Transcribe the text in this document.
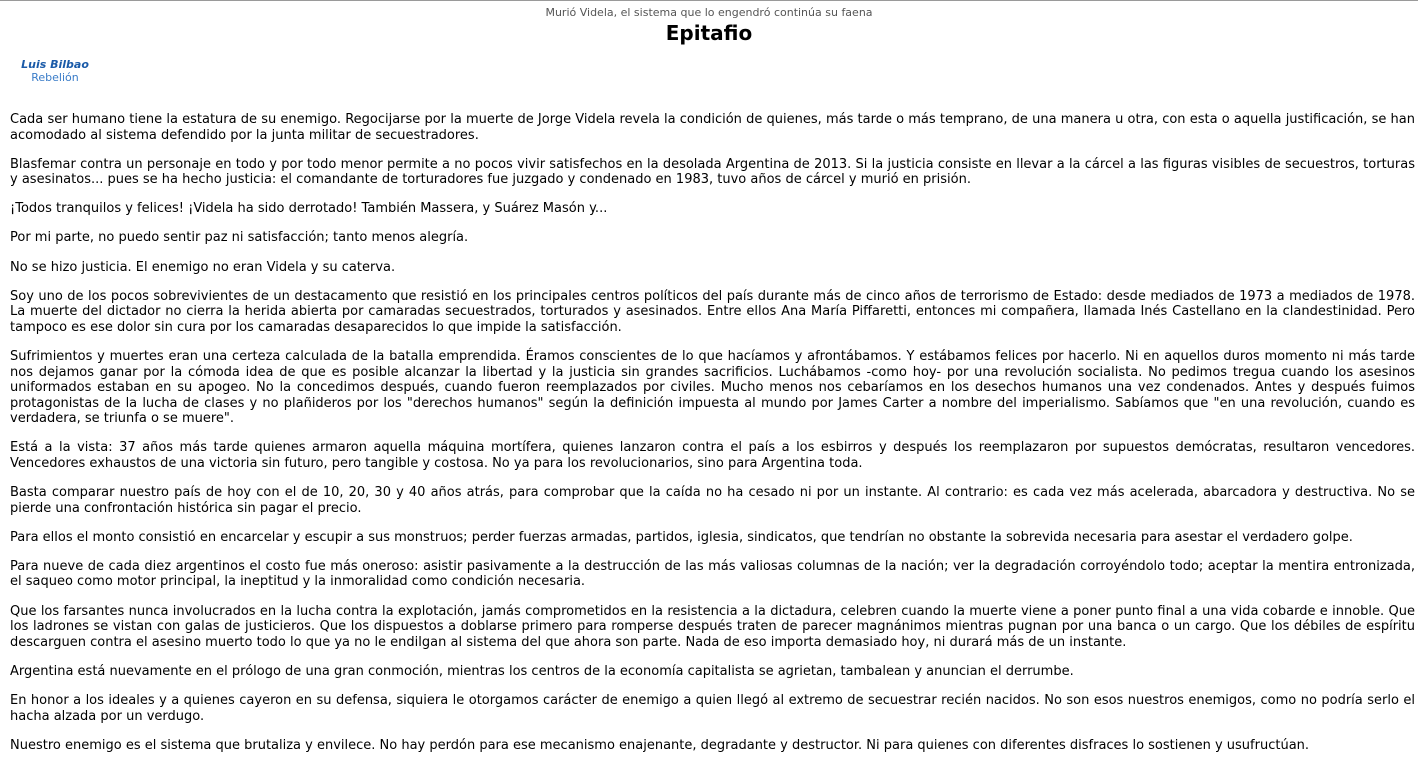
Murió Videla, el sistema que lo engendró continúa su faena
Epitafio
Luis Bilbao
Rebelión

Cada ser humano tiene la estatura de su enemigo. Regocijarse por la muerte de Jorge Videla revela la condición de quienes, más tarde o más temprano, de una manera u otra, con esta o aquella justificación, se han acomodado al sistema defendido por la junta militar de secuestradores.

Blasfemar contra un personaje en todo y por todo menor permite a no pocos vivir satisfechos en la desolada Argentina de 2013. Si la justicia consiste en llevar a la cárcel a las figuras visibles de secuestros, torturas y asesinatos... pues se ha hecho justicia: el comandante de torturadores fue juzgado y condenado en 1983, tuvo años de cárcel y murió en prisión.

¡Todos tranquilos y felices! ¡Videla ha sido derrotado! También Massera, y Suárez Masón y...

Por mi parte, no puedo sentir paz ni satisfacción; tanto menos alegría.

No se hizo justicia. El enemigo no eran Videla y su caterva.

Soy uno de los pocos sobrevivientes de un destacamento que resistió en los principales centros políticos del país durante más de cinco años de terrorismo de Estado: desde mediados de 1973 a mediados de 1978. La muerte del dictador no cierra la herida abierta por camaradas secuestrados, torturados y asesinados. Entre ellos Ana María Piffaretti, entonces mi compañera, llamada Inés Castellano en la clandestinidad. Pero tampoco es ese dolor sin cura por los camaradas desaparecidos lo que impide la satisfacción.

Sufrimientos y muertes eran una certeza calculada de la batalla emprendida. Éramos conscientes de lo que hacíamos y afrontábamos. Y estábamos felices por hacerlo. Ni en aquellos duros momento ni más tarde nos dejamos ganar por la cómoda idea de que es posible alcanzar la libertad y la justicia sin grandes sacrificios. Luchábamos -como hoy- por una revolución socialista. No pedimos tregua cuando los asesinos uniformados estaban en su apogeo. No la concedimos después, cuando fueron reemplazados por civiles. Mucho menos nos cebaríamos en los desechos humanos una vez condenados. Antes y después fuimos protagonistas de la lucha de clases y no plañideros por los "derechos humanos" según la definición impuesta al mundo por James Carter a nombre del imperialismo. Sabíamos que "en una revolución, cuando es verdadera, se triunfa o se muere".

Está a la vista: 37 años más tarde quienes armaron aquella máquina mortífera, quienes lanzaron contra el país a los esbirros y después los reemplazaron por supuestos demócratas, resultaron vencedores. Vencedores exhaustos de una victoria sin futuro, pero tangible y costosa. No ya para los revolucionarios, sino para Argentina toda.

Basta comparar nuestro país de hoy con el de 10, 20, 30 y 40 años atrás, para comprobar que la caída no ha cesado ni por un instante. Al contrario: es cada vez más acelerada, abarcadora y destructiva. No se pierde una confrontación histórica sin pagar el precio.

Para ellos el monto consistió en encarcelar y escupir a sus monstruos; perder fuerzas armadas, partidos, iglesia, sindicatos, que tendrían no obstante la sobrevida necesaria para asestar el verdadero golpe.

Para nueve de cada diez argentinos el costo fue más oneroso: asistir pasivamente a la destrucción de las más valiosas columnas de la nación; ver la degradación corroyéndolo todo; aceptar la mentira entronizada, el saqueo como motor principal, la ineptitud y la inmoralidad como condición necesaria.

Que los farsantes nunca involucrados en la lucha contra la explotación, jamás comprometidos en la resistencia a la dictadura, celebren cuando la muerte viene a poner punto final a una vida cobarde e innoble. Que los ladrones se vistan con galas de justicieros. Que los dispuestos a doblarse primero para romperse después traten de parecer magnánimos mientras pugnan por una banca o un cargo. Que los débiles de espíritu descarguen contra el asesino muerto todo lo que ya no le endilgan al sistema del que ahora son parte. Nada de eso importa demasiado hoy, ni durará más de un instante.

Argentina está nuevamente en el prólogo de una gran conmoción, mientras los centros de la economía capitalista se agrietan, tambalean y anuncian el derrumbe.

En honor a los ideales y a quienes cayeron en su defensa, siquiera le otorgamos carácter de enemigo a quien llegó al extremo de secuestrar recién nacidos. No son esos nuestros enemigos, como no podría serlo el hacha alzada por un verdugo.

Nuestro enemigo es el sistema que brutaliza y envilece. No hay perdón para ese mecanismo enajenante, degradante y destructor. Ni para quienes con diferentes disfraces lo sostienen y usufructúan.
